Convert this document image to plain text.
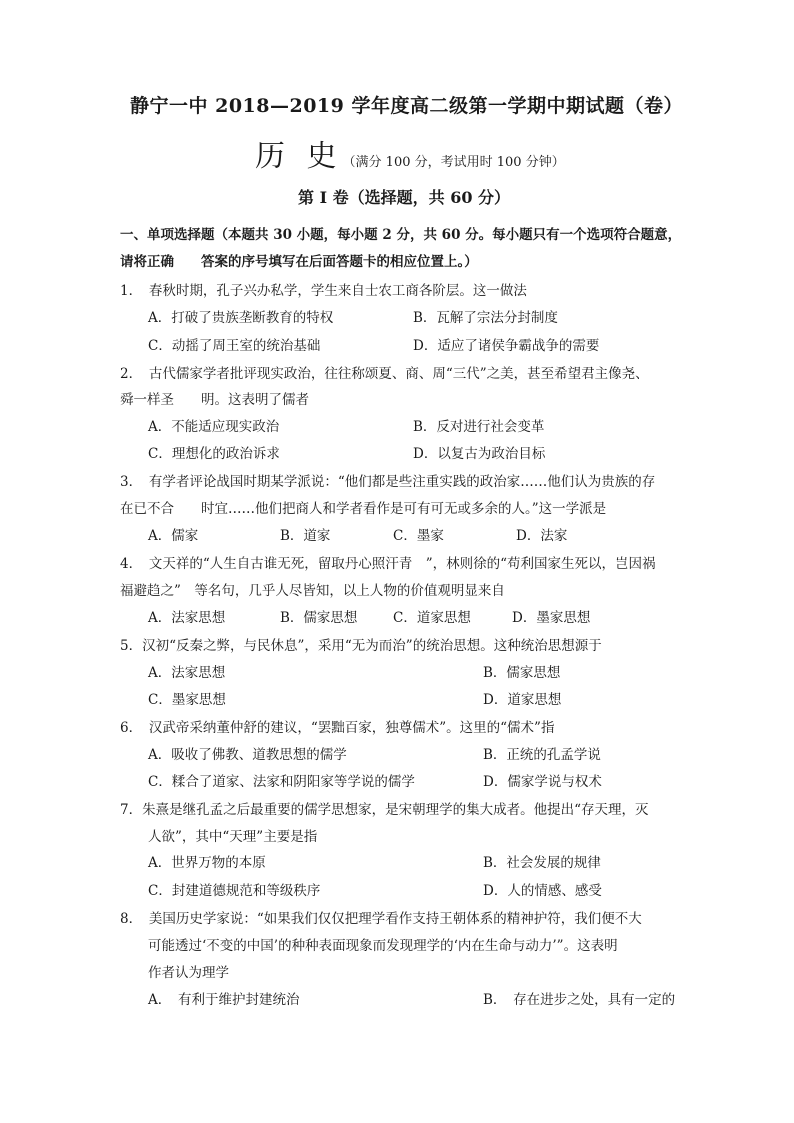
静宁一中 2018—2019 学年度高二级第一学期中期试题（卷）
历 史（满分 100 分，考试用时 100 分钟）
第 I 卷（选择题，共 60 分）
一、单项选择题（本题共 30 小题，每小题 2 分，共 60 分。每小题只有一个选项符合题意，
请将正确　　答案的序号填写在后面答题卡的相应位置上。）
1．　春秋时期，孔子兴办私学，学生来自士农工商各阶层。这一做法
A．打破了贵族垄断教育的特权	B．瓦解了宗法分封制度
C．动摇了周王室的统治基础	D．适应了诸侯争霸战争的需要
2．　古代儒家学者批评现实政治，往往称颂夏、商、周“三代”之美，甚至希望君主像尧、
舜一样圣　　明。这表明了儒者
A．不能适应现实政治	B．反对进行社会变革
C．理想化的政治诉求	D．以复古为政治目标
3．　有学者评论战国时期某学派说：“他们都是些注重实践的政治家……他们认为贵族的存
在已不合　　时宜……他们把商人和学者看作是可有可无或多余的人。”这一学派是
A．儒家	B．道家	C．墨家	D．法家
4．　文天祥的“人生自古谁无死，留取丹心照汗青　”，林则徐的“苟利国家生死以，岂因祸
福避趋之”　等名句，几乎人尽皆知，以上人物的价值观明显来自
A．法家思想	B．儒家思想	C．道家思想	D．墨家思想
5．汉初“反秦之弊，与民休息”，采用“无为而治”的统治思想。这种统治思想源于
A．法家思想	B．儒家思想
C．墨家思想	D．道家思想
6．　汉武帝采纳董仲舒的建议，“罢黜百家，独尊儒术”。这里的“儒术”指
A．吸收了佛教、道教思想的儒学	B．正统的孔孟学说
C．糅合了道家、法家和阴阳家等学说的儒学	D．儒家学说与权术
7．朱熹是继孔孟之后最重要的儒学思想家，是宋朝理学的集大成者。他提出“存天理，灭
人欲”，其中“天理”主要是指
A．世界万物的本原	B．社会发展的规律
C．封建道德规范和等级秩序	D．人的情感、感受
8．　美国历史学家说：“如果我们仅仅把理学看作支持王朝体系的精神护符，我们便不大
可能透过‘不变的中国’的种种表面现象而发现理学的‘内在生命与动力’”。这表明
作者认为理学
A．　有利于维护封建统治	B．　存在进步之处，具有一定的
